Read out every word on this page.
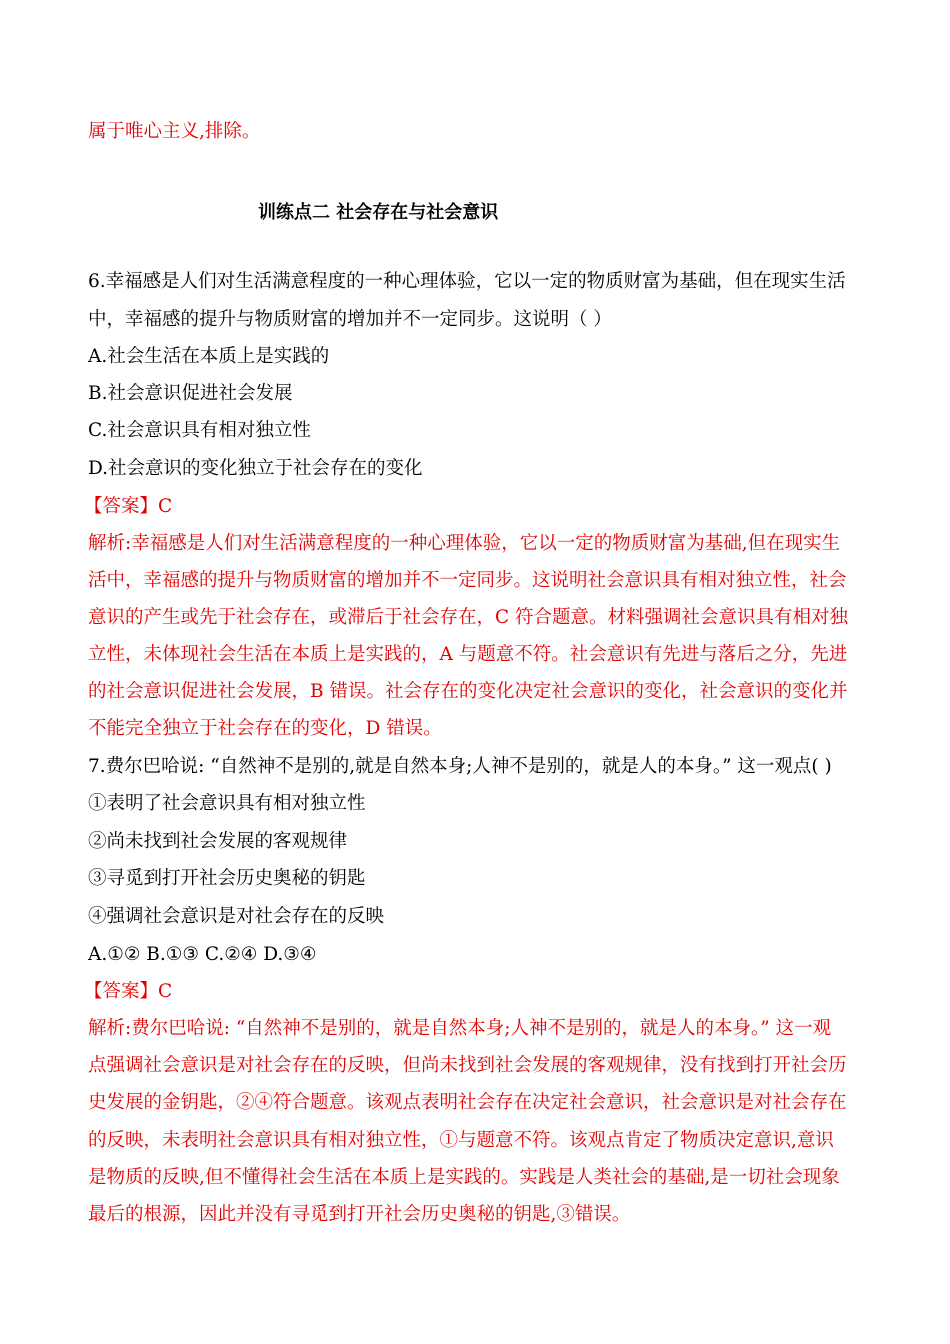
属于唯心主义,排除。
训练点二 社会存在与社会意识
6.幸福感是人们对生活满意程度的一种心理体验，它以一定的物质财富为基础，但在现实生活
中，幸福感的提升与物质财富的增加并不一定同步。这说明（ ）
A.社会生活在本质上是实践的
B.社会意识促进社会发展
C.社会意识具有相对独立性
D.社会意识的变化独立于社会存在的变化
【答案】C
解析:幸福感是人们对生活满意程度的一种心理体验，它以一定的物质财富为基础,但在现实生
活中，幸福感的提升与物质财富的增加并不一定同步。这说明社会意识具有相对独立性，社会
意识的产生或先于社会存在，或滞后于社会存在，C 符合题意。材料强调社会意识具有相对独
立性，未体现社会生活在本质上是实践的，A 与题意不符。社会意识有先进与落后之分，先进
的社会意识促进社会发展，B 错误。社会存在的变化决定社会意识的变化，社会意识的变化并
不能完全独立于社会存在的变化，D 错误。
7.费尔巴哈说: “自然神不是别的,就是自然本身;人神不是别的，就是人的本身。” 这一观点( )
①表明了社会意识具有相对独立性
②尚未找到社会发展的客观规律
③寻觅到打开社会历史奥秘的钥匙
④强调社会意识是对社会存在的反映
A.①② B.①③ C.②④ D.③④
【答案】C
解析:费尔巴哈说: “自然神不是别的，就是自然本身;人神不是别的，就是人的本身。” 这一观
点强调社会意识是对社会存在的反映，但尚未找到社会发展的客观规律，没有找到打开社会历
史发展的金钥匙，②④符合题意。该观点表明社会存在决定社会意识，社会意识是对社会存在
的反映，未表明社会意识具有相对独立性，①与题意不符。该观点肯定了物质决定意识,意识
是物质的反映,但不懂得社会生活在本质上是实践的。实践是人类社会的基础,是一切社会现象
最后的根源，因此并没有寻觅到打开社会历史奥秘的钥匙,③错误。
